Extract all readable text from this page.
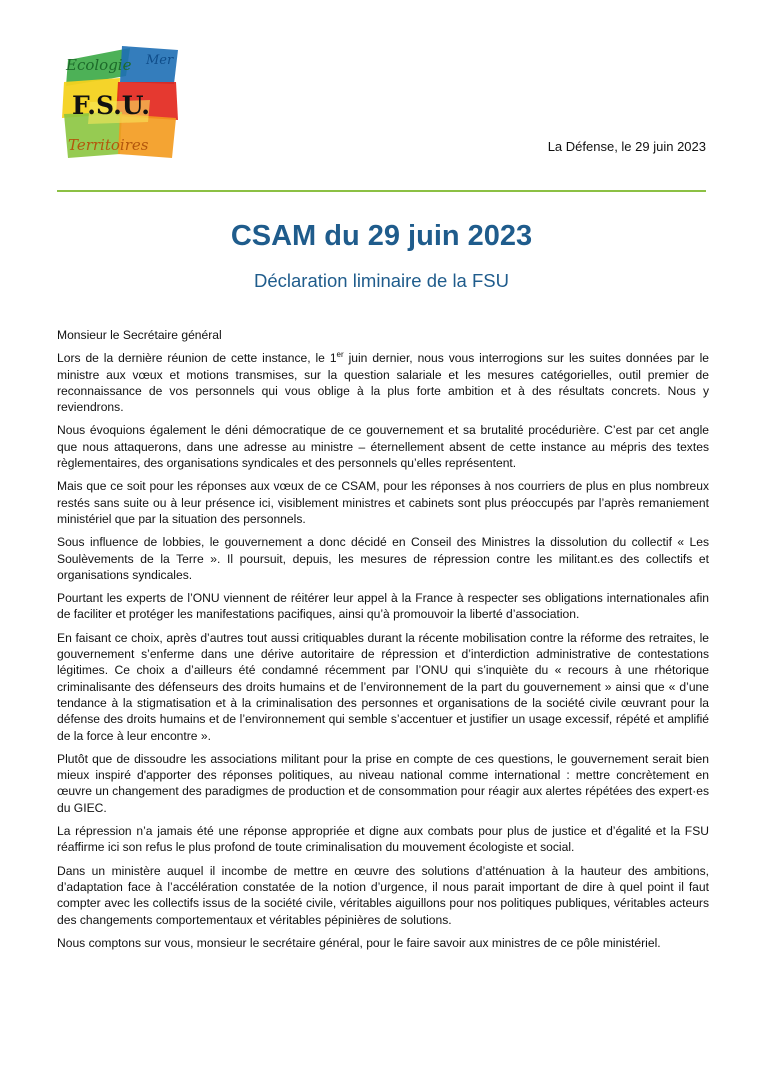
Ecologie Mer
F.S.U.
Territoires	La Défense, le 29 juin 2023
CSAM du 29 juin 2023
Déclaration liminaire de la FSU

Monsieur le Secrétaire général

Lors de la dernière réunion de cette instance, le 1er juin dernier, nous vous interrogions sur les suites données par le ministre aux vœux et motions transmises, sur la question salariale et les mesures catégorielles, outil premier de reconnaissance de vos personnels qui vous oblige à la plus forte ambition et à des résultats concrets. Nous y reviendrons.

Nous évoquions également le déni démocratique de ce gouvernement et sa brutalité procédurière. C’est par cet angle que nous attaquerons, dans une adresse au ministre – éternellement absent de cette instance au mépris des textes règlementaires, des organisations syndicales et des personnels qu’elles représentent.

Mais que ce soit pour les réponses aux vœux de ce CSAM, pour les réponses à nos courriers de plus en plus nombreux restés sans suite ou à leur présence ici, visiblement ministres et cabinets sont plus préoccupés par l’après remaniement ministériel que par la situation des personnels.

Sous influence de lobbies, le gouvernement a donc décidé en Conseil des Ministres la dissolution du collectif « Les Soulèvements de la Terre ». Il poursuit, depuis, les mesures de répression contre les militant.es des collectifs et organisations syndicales.

Pourtant les experts de l’ONU viennent de réitérer leur appel à la France à respecter ses obligations internationales afin de faciliter et protéger les manifestations pacifiques, ainsi qu’à promouvoir la liberté d’association.

En faisant ce choix, après d’autres tout aussi critiquables durant la récente mobilisation contre la réforme des retraites, le gouvernement s’enferme dans une dérive autoritaire de répression et d’interdiction administrative de contestations légitimes. Ce choix a d’ailleurs été condamné récemment par l’ONU qui s’inquiète du « recours à une rhétorique criminalisante des défenseurs des droits humains et de l’environnement de la part du gouvernement » ainsi que « d’une tendance à la stigmatisation et à la criminalisation des personnes et organisations de la société civile œuvrant pour la défense des droits humains et de l’environnement qui semble s’accentuer et justifier un usage excessif, répété et amplifié de la force à leur encontre ».

Plutôt que de dissoudre les associations militant pour la prise en compte de ces questions, le gouvernement serait bien mieux inspiré d'apporter des réponses politiques, au niveau national comme international : mettre concrètement en œuvre un changement des paradigmes de production et de consommation pour réagir aux alertes répétées des expert·es du GIEC.

La répression n’a jamais été une réponse appropriée et digne aux combats pour plus de justice et d’égalité et la FSU réaffirme ici son refus le plus profond de toute criminalisation du mouvement écologiste et social.

Dans un ministère auquel il incombe de mettre en œuvre des solutions d’atténuation à la hauteur des ambitions, d’adaptation face à l’accélération constatée de la notion d’urgence, il nous parait important de dire à quel point il faut compter avec les collectifs issus de la société civile, véritables aiguillons pour nos politiques publiques, véritables acteurs des changements comportementaux et véritables pépinières de solutions.

Nous comptons sur vous, monsieur le secrétaire général, pour le faire savoir aux ministres de ce pôle ministériel.
